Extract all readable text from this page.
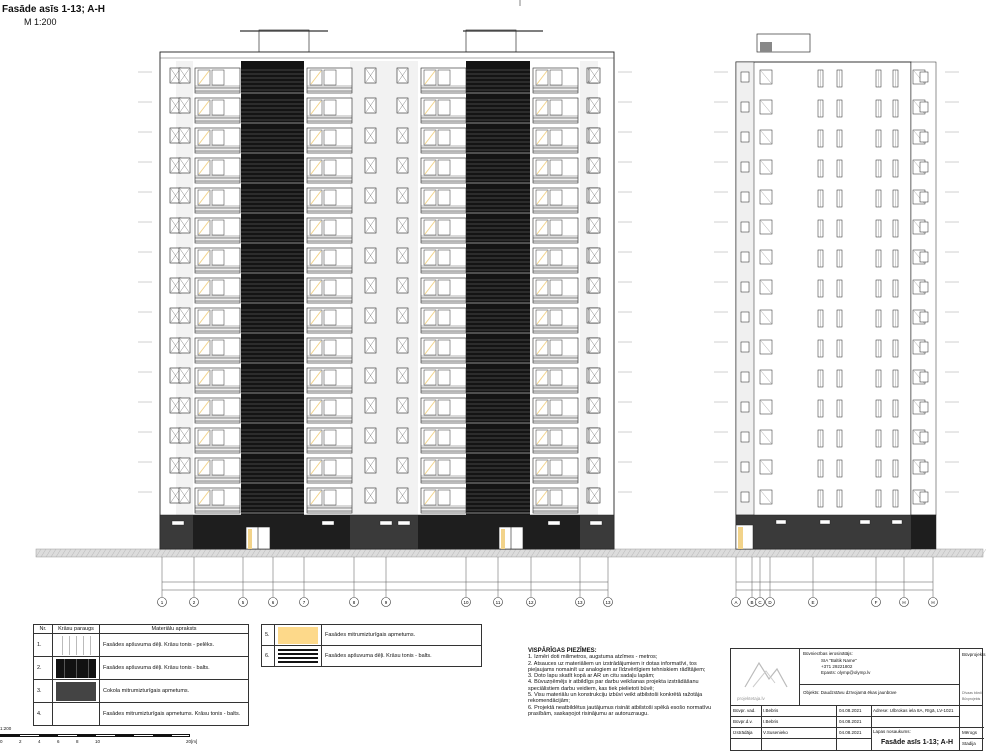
Fasāde asīs 1-13; A-H
M 1:200
1	2	5	6	7	8	9	10	11	12	13	13	A	B C D	E	F	H	H
Nr.	Krāsu paraugs	Materiālu apraksts
1.		Fasādes apšuvuma dēļi. Krāsu tonis - pelēks.
2.		Fasādes apšuvuma dēļi. Krāsu tonis - balts.
3.		Cokola mitrumizturīgais apmetums.
4.		Fasādes mitrumizturīgais apmetums. Krāsu tonis - balts.
5.		Fasādes mitrumizturīgais apmetums.
6.		Fasādes apšuvuma dēļi. Krāsu tonis - balts.
VISPĀRĪGAS PIEZĪMES:
1. Izmēri doti milimetros, augstuma atzīmes - metros;
2. Atsauces uz materiāliem un izstrādājumiem ir dotas informatīvi, tos
pieļaujams nomainīt uz analogiem ar līdzvērtīgiem tehniskiem rādītājiem;
3. Doto lapu skatīt kopā ar AR un citu sadaļu lapām;
4. Būvuzņēmējs ir atbildīgs par darbu veikšanas projekta izstrādāšanu
speciālistiem darbu veidiem, kas tiek pielietoti būvē;
5. Visu materiālu un konstrukciju izbūvi veikt atbilstoši konkrētā ražotāja
rekomendācijām;
6. Projektā neatbildētus jautājumus risināt atbilstoši spēkā esošo normatīvu
prasībām, saskaņojot risinājumu ar autoruzraugu.
projektetaja.lv
Būvniecības ierosinātājs:
SIA "Baltik Name"
+371 29221802
Epasts: olymp@olymp.lv
Objekts: Daudzstāvu dzīvojamā ēkas jaunbūve
Adrese: Ulbrokas iela 8A, Rīgā, LV-1021
Lapas nosaukums:
Fasāde asīs 1-13; A-H
Būvprojekts
Dīvaas bārdi
Būvprojekts
Mērogs
Stadija
Būvpr. vad. I.Bebris	04.08.2021
Būvpr.d.v. I.Bebris	04.08.2021
Izstrādāja V.Susenieko	04.08.2021
1:200
0	2	4	6	8	10	20[m]
